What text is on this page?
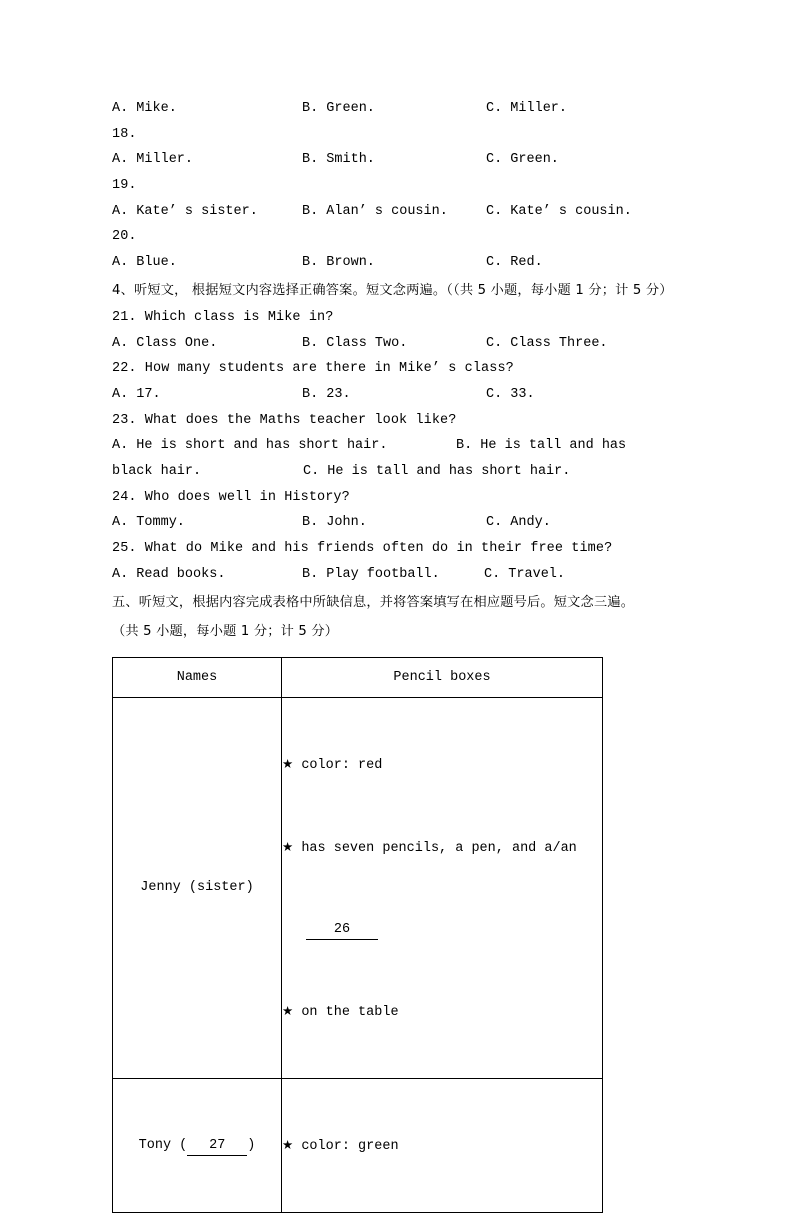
A. Mike.	B. Green.	C. Miller.
18.
A. Miller.	B. Smith.	C. Green.
19.
A. Kate’ s sister.	B. Alan’ s cousin.	C. Kate’ s cousin.
20.
A. Blue.	B. Brown.	C. Red.
4、听短文， 根据短文内容选择正确答案。短文念两遍。（（共 5 小题，每小题 1 分；计 5 分）
21. Which class is Mike in?
A. Class One.	B. Class Two.	C. Class Three.
22. How many students are there in Mike’ s class?
A. 17.	B. 23.	C. 33.
23. What does the Maths teacher look like?
A. He is short and has short hair.	B. He is tall and has
black hair.	C. He is tall and has short hair.
24. Who does well in History?
A. Tommy.	B. John.	C. Andy.
25. What do Mike and his friends often do in their free time?
A. Read books.	B. Play football.	C. Travel.
五、听短文，根据内容完成表格中所缺信息，并将答案填写在相应题号后。短文念三遍。
（共 5 小题，每小题 1 分；计 5 分）
Names	Pencil boxes
Jenny (sister)	★ color: red

★ has seven pencils, a pen, and a/an

26

★ on the table

Tony ( 27 )	★ color: green
